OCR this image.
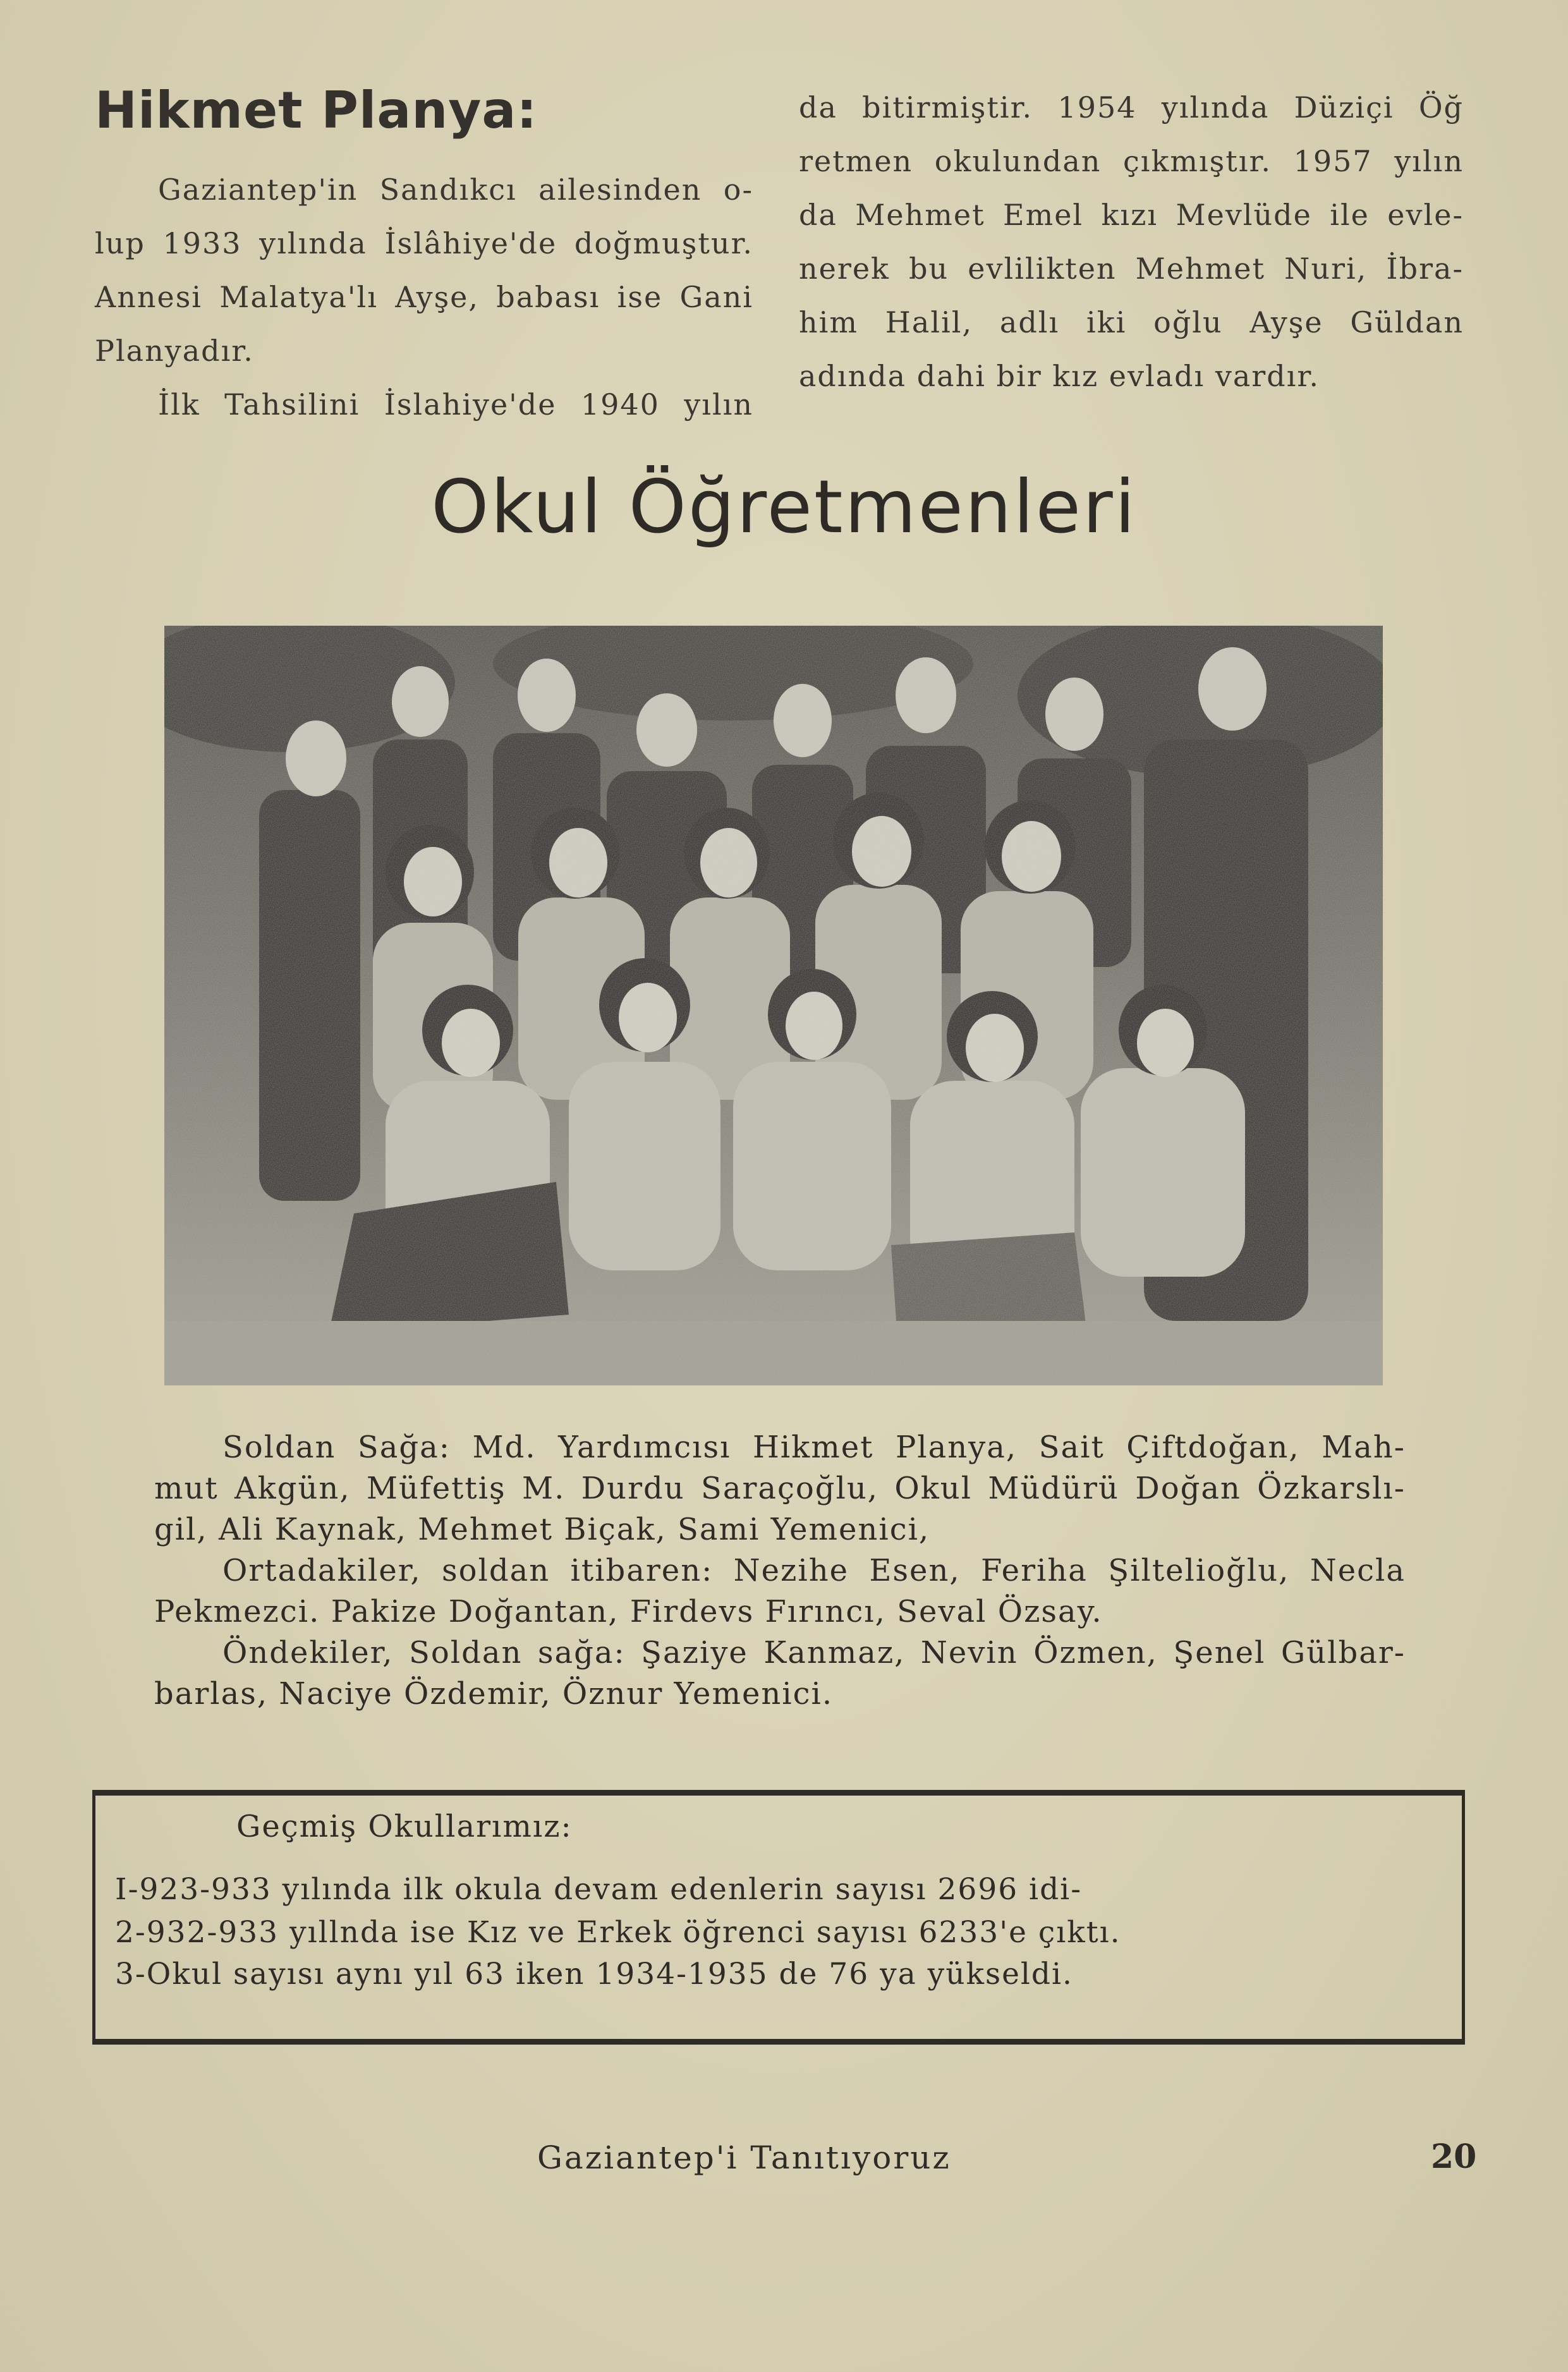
Hikmet Planya:

Gaziantep'in Sandıkcı ailesinden o-

lup 1933 yılında İslâhiye'de doğmuştur.

Annesi Malatya'lı Ayşe, babası ise Gani

Planyadır.

İlk Tahsilini İslahiye'de 1940 yılın

da bitirmiştir. 1954 yılında Düziçi Öğ

retmen okulundan çıkmıştır. 1957 yılın

da Mehmet Emel kızı Mevlüde ile evle-

nerek bu evlilikten Mehmet Nuri, İbra-

him Halil, adlı iki oğlu Ayşe Güldan

adında dahi bir kız evladı vardır.

Okul Öğretmenleri

Soldan Sağa: Md. Yardımcısı Hikmet Planya, Sait Çiftdoğan, Mah-

mut Akgün, Müfettiş M. Durdu Saraçoğlu, Okul Müdürü Doğan Özkarslı-

gil, Ali Kaynak, Mehmet Biçak, Sami Yemenici,

Ortadakiler, soldan itibaren: Nezihe Esen, Feriha Şiltelioğlu, Necla

Pekmezci. Pakize Doğantan, Firdevs Fırıncı, Seval Özsay.

Öndekiler, Soldan sağa: Şaziye Kanmaz, Nevin Özmen, Şenel Gülbar-

barlas, Naciye Özdemir, Öznur Yemenici.

Geçmiş Okullarımız:
I-923-933 yılında ilk okula devam edenlerin sayısı 2696 idi-
2-932-933 yıllnda ise Kız ve Erkek öğrenci sayısı 6233'e çıktı.
3-Okul sayısı aynı yıl 63 iken 1934-1935 de 76 ya yükseldi.
Gaziantep'i Tanıtıyoruz	20
